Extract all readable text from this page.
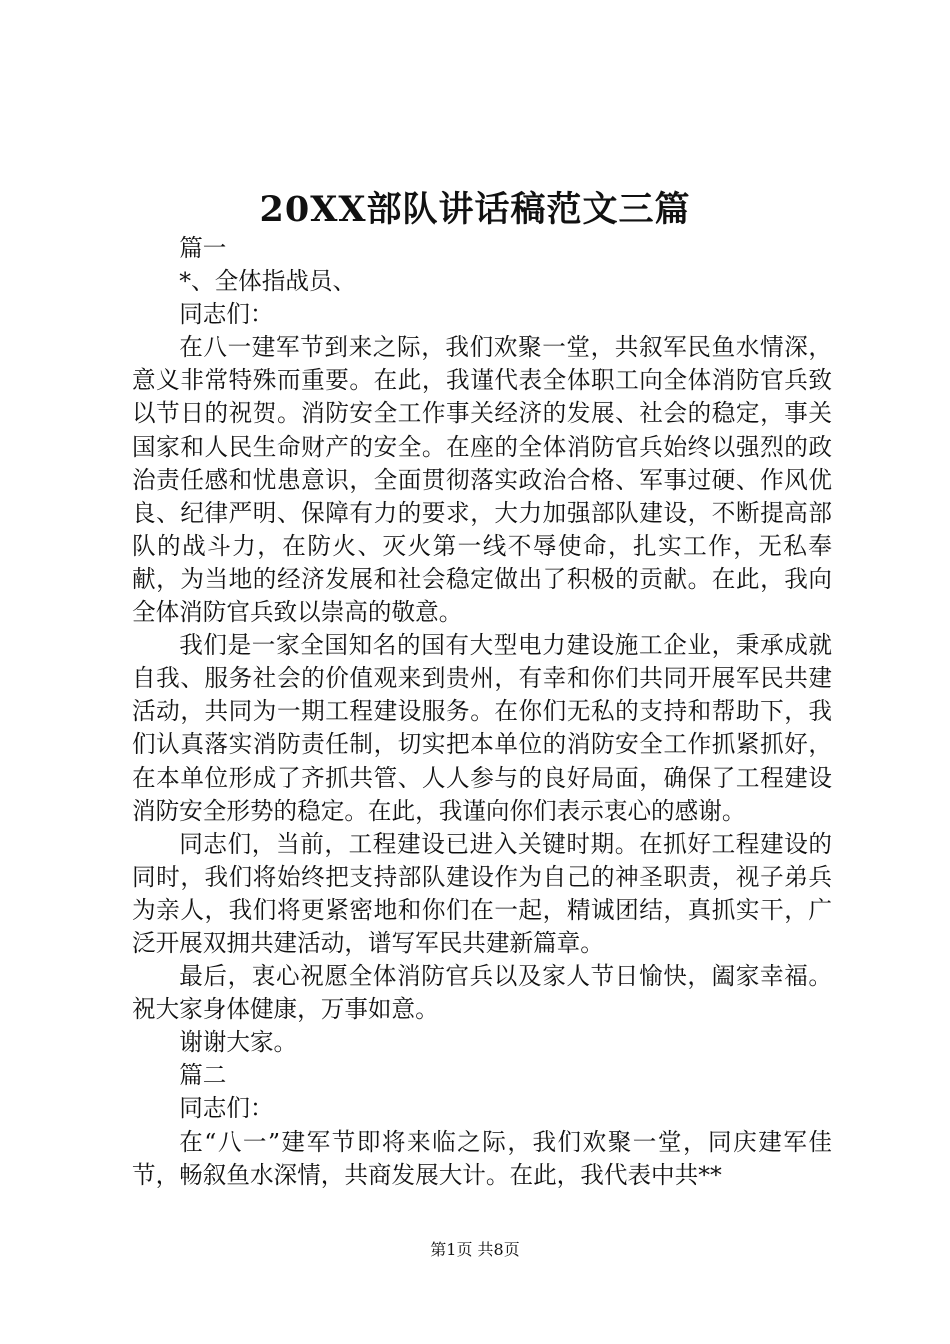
20XX部队讲话稿范文三篇

篇一

*、全体指战员、

同志们：

在八一建军节到来之际，我们欢聚一堂，共叙军民鱼水情深，意义非常特殊而重要。在此，我谨代表全体职工向全体消防官兵致以节日的祝贺。消防安全工作事关经济的发展、社会的稳定，事关国家和人民生命财产的安全。在座的全体消防官兵始终以强烈的政治责任感和忧患意识，全面贯彻落实政治合格、军事过硬、作风优良、纪律严明、保障有力的要求，大力加强部队建设，不断提高部队的战斗力，在防火、灭火第一线不辱使命，扎实工作，无私奉献，为当地的经济发展和社会稳定做出了积极的贡献。在此，我向全体消防官兵致以崇高的敬意。

我们是一家全国知名的国有大型电力建设施工企业，秉承成就自我、服务社会的价值观来到贵州，有幸和你们共同开展军民共建活动，共同为一期工程建设服务。在你们无私的支持和帮助下，我们认真落实消防责任制，切实把本单位的消防安全工作抓紧抓好，在本单位形成了齐抓共管、人人参与的良好局面，确保了工程建设消防安全形势的稳定。在此，我谨向你们表示衷心的感谢。

同志们，当前，工程建设已进入关键时期。在抓好工程建设的同时，我们将始终把支持部队建设作为自己的神圣职责，视子弟兵为亲人，我们将更紧密地和你们在一起，精诚团结，真抓实干，广泛开展双拥共建活动，谱写军民共建新篇章。

最后，衷心祝愿全体消防官兵以及家人节日愉快，阖家幸福。祝大家身体健康，万事如意。

谢谢大家。

篇二

同志们：

在“八一”建军节即将来临之际，我们欢聚一堂，同庆建军佳节，畅叙鱼水深情，共商发展大计。在此，我代表中共**

第1页 共8页
